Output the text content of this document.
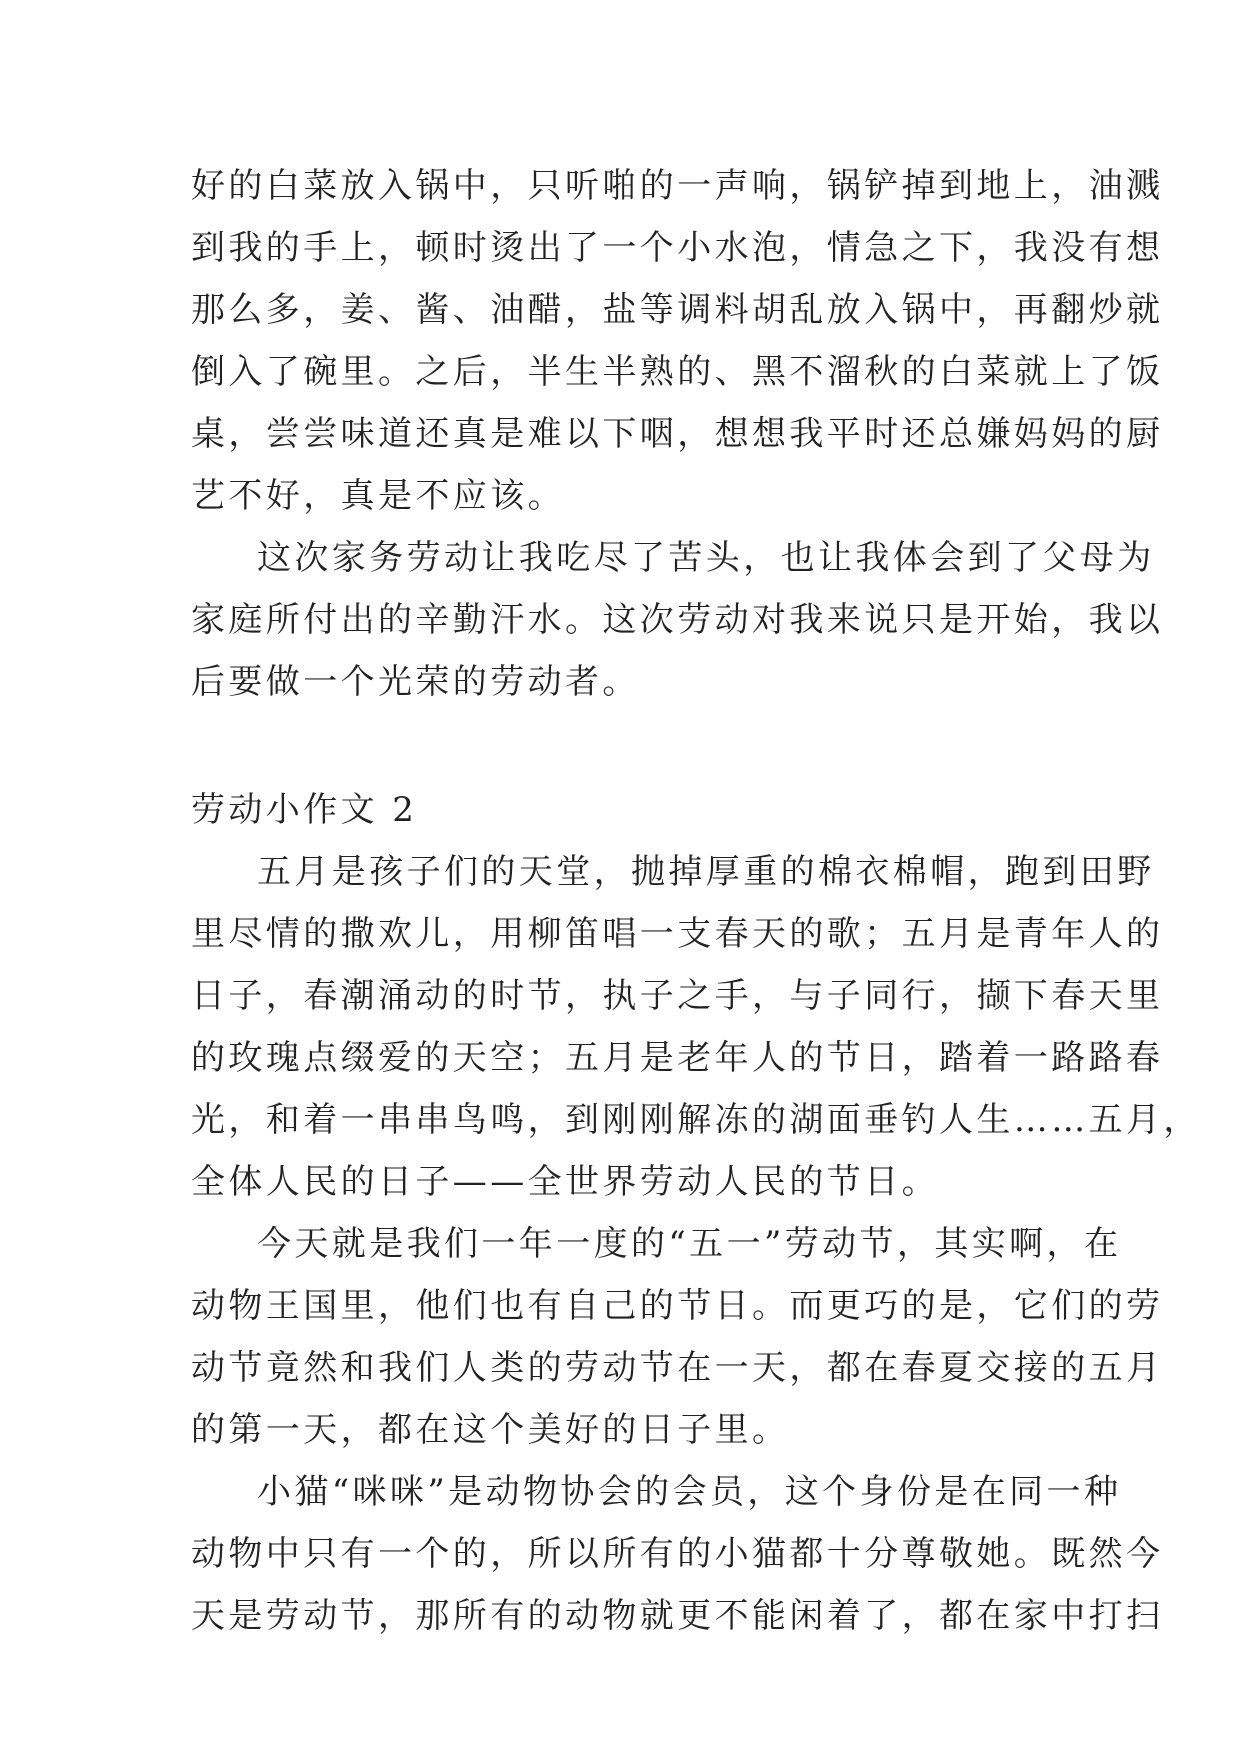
好的白菜放入锅中，只听啪的一声响，锅铲掉到地上，油溅
到我的手上，顿时烫出了一个小水泡，情急之下，我没有想
那么多，姜、酱、油醋，盐等调料胡乱放入锅中，再翻炒就
倒入了碗里。之后，半生半熟的、黑不溜秋的白菜就上了饭
桌，尝尝味道还真是难以下咽，想想我平时还总嫌妈妈的厨
艺不好，真是不应该。
这次家务劳动让我吃尽了苦头，也让我体会到了父母为
家庭所付出的辛勤汗水。这次劳动对我来说只是开始，我以
后要做一个光荣的劳动者。
劳动小作文 2
五月是孩子们的天堂，抛掉厚重的棉衣棉帽，跑到田野
里尽情的撒欢儿，用柳笛唱一支春天的歌；五月是青年人的
日子，春潮涌动的时节，执子之手，与子同行，撷下春天里
的玫瑰点缀爱的天空；五月是老年人的节日，踏着一路路春
光，和着一串串鸟鸣，到刚刚解冻的湖面垂钓人生……五月，
全体人民的日子——全世界劳动人民的节日。
今天就是我们一年一度的“五一”劳动节，其实啊，在
动物王国里，他们也有自己的节日。而更巧的是，它们的劳
动节竟然和我们人类的劳动节在一天，都在春夏交接的五月
的第一天，都在这个美好的日子里。
小猫“咪咪”是动物协会的会员，这个身份是在同一种
动物中只有一个的，所以所有的小猫都十分尊敬她。既然今
天是劳动节，那所有的动物就更不能闲着了，都在家中打扫
